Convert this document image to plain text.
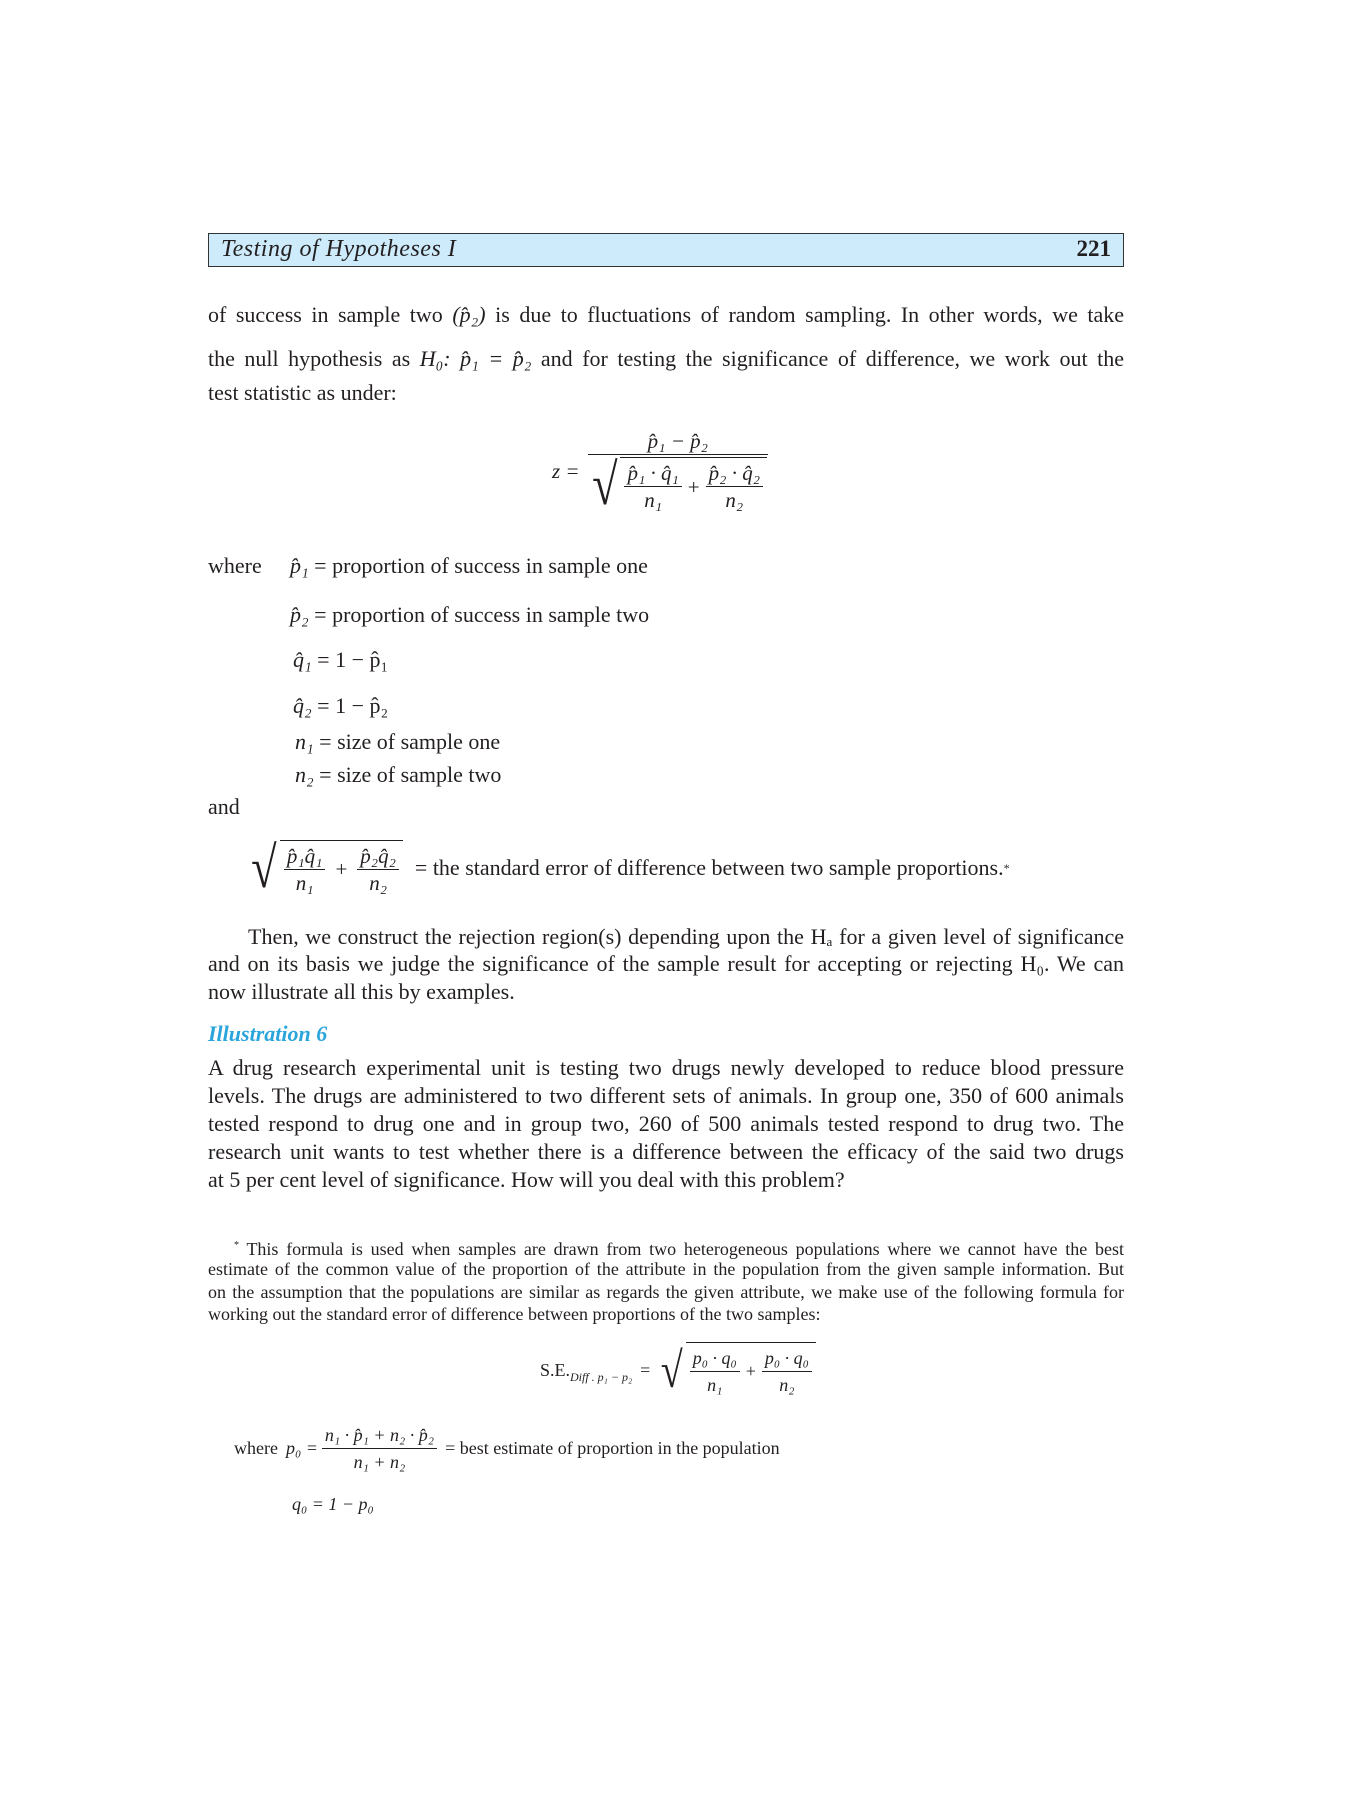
Testing of Hypotheses I	221
of success in sample two (p̂₂) is due to fluctuations of random sampling. In other words, we take
the null hypothesis as H₀: p̂₁ = p̂₂ and for testing the significance of difference, we work out the
test statistic as under:
z =
p̂₁ − p̂₂
√ $\frac{\text{p̂₁ · q̂₁}}{\text{n₁}} + \frac{\text{p̂₂ · q̂₂}}{\text{n₂}}$
where p̂₁ = proportion of success in sample one
p̂₂ = proportion of success in sample two
q̂₁ = 1 − p̂₁
q̂₂ = 1 − p̂₂
n₁ = size of sample one
n₂ = size of sample two
and
√ $\frac{\text{p̂₁q̂₁}}{\text{n₁}} + \frac{\text{p̂₂q̂₂}}{\text{n₂}}$ = the standard error of difference between two sample proportions. *
Then, we construct the rejection region(s) depending upon the Hₐ for a given level of significance
and on its basis we judge the significance of the sample result for accepting or rejecting H₀. We can
now illustrate all this by examples.
Illustration 6
A drug research experimental unit is testing two drugs newly developed to reduce blood pressure
levels. The drugs are administered to two different sets of animals. In group one, 350 of 600 animals
tested respond to drug one and in group two, 260 of 500 animals tested respond to drug two. The
research unit wants to test whether there is a difference between the efficacy of the said two drugs
at 5 per cent level of significance. How will you deal with this problem?
* This formula is used when samples are drawn from two heterogeneous populations where we cannot have the best
estimate of the common value of the proportion of the attribute in the population from the given sample information. But
on the assumption that the populations are similar as regards the given attribute, we make use of the following formula for
working out the standard error of difference between proportions of the two samples:
S.E. Diff . p₁ − p₂ = √ $\frac{\text{p₀ · q₀}}{\text{n₁}} + \frac{\text{p₀ · q₀}}{\text{n₂}}$
where $p_0 = \frac{\text{n₁ · p̂₁ + n₂ · p̂₂}}{\text{n₁ + n₂}}$ = best estimate of proportion in the population
q₀ = 1 − p₀
